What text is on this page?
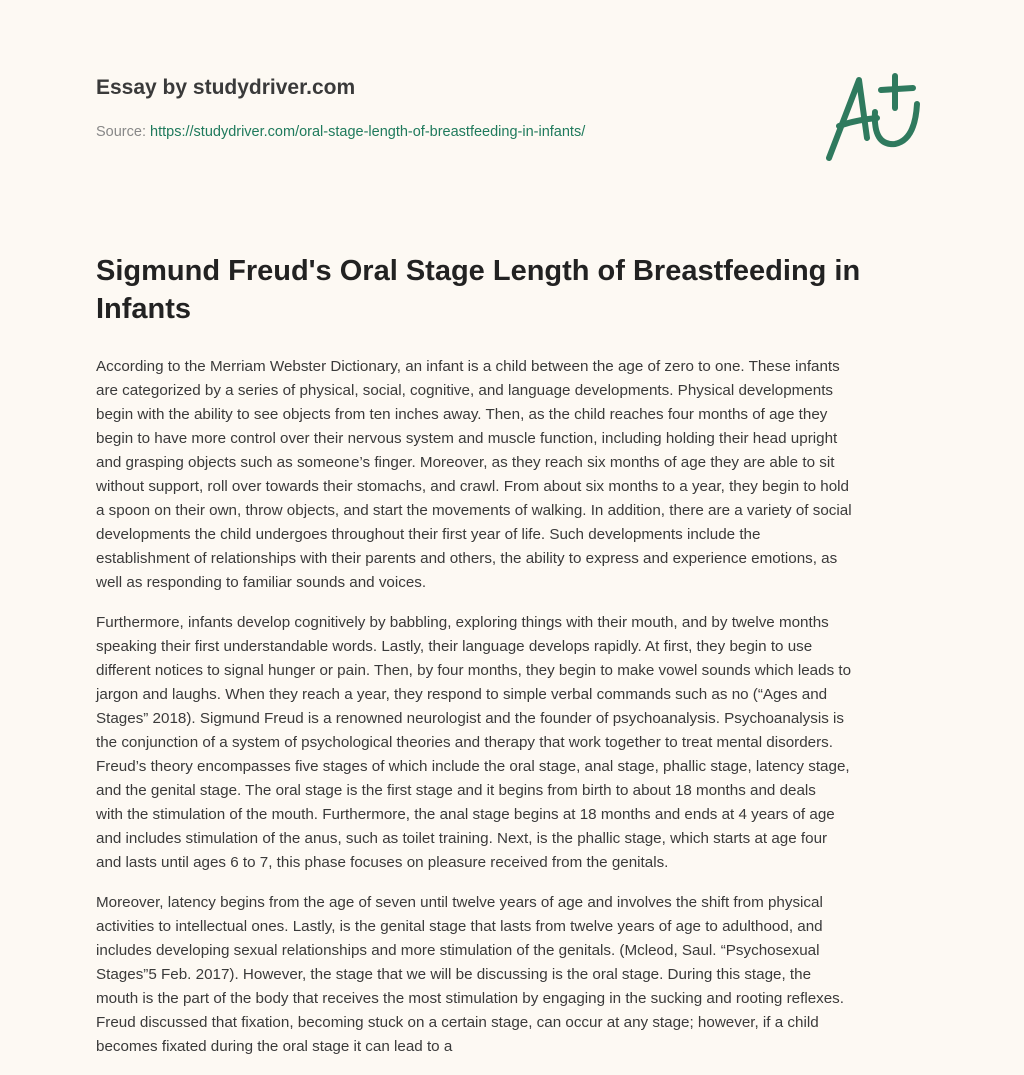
Essay by studydriver.com
Source: https://studydriver.com/oral-stage-length-of-breastfeeding-in-infants/
Sigmund Freud's Oral Stage Length of Breastfeeding in Infants

According to the Merriam Webster Dictionary, an infant is a child between the age of zero to one. These infants
are categorized by a series of physical, social, cognitive, and language developments. Physical developments
begin with the ability to see objects from ten inches away. Then, as the child reaches four months of age they
begin to have more control over their nervous system and muscle function, including holding their head upright
and grasping objects such as someone’s finger. Moreover, as they reach six months of age they are able to sit
without support, roll over towards their stomachs, and crawl. From about six months to a year, they begin to hold
a spoon on their own, throw objects, and start the movements of walking. In addition, there are a variety of social
developments the child undergoes throughout their first year of life. Such developments include the
establishment of relationships with their parents and others, the ability to express and experience emotions, as
well as responding to familiar sounds and voices.

Furthermore, infants develop cognitively by babbling, exploring things with their mouth, and by twelve months
speaking their first understandable words. Lastly, their language develops rapidly. At first, they begin to use
different notices to signal hunger or pain. Then, by four months, they begin to make vowel sounds which leads to
jargon and laughs. When they reach a year, they respond to simple verbal commands such as no (“Ages and
Stages” 2018). Sigmund Freud is a renowned neurologist and the founder of psychoanalysis. Psychoanalysis is
the conjunction of a system of psychological theories and therapy that work together to treat mental disorders.
Freud’s theory encompasses five stages of which include the oral stage, anal stage, phallic stage, latency stage,
and the genital stage. The oral stage is the first stage and it begins from birth to about 18 months and deals
with the stimulation of the mouth. Furthermore, the anal stage begins at 18 months and ends at 4 years of age
and includes stimulation of the anus, such as toilet training. Next, is the phallic stage, which starts at age four
and lasts until ages 6 to 7, this phase focuses on pleasure received from the genitals.

Moreover, latency begins from the age of seven until twelve years of age and involves the shift from physical
activities to intellectual ones. Lastly, is the genital stage that lasts from twelve years of age to adulthood, and
includes developing sexual relationships and more stimulation of the genitals. (Mcleod, Saul. “Psychosexual
Stages”5 Feb. 2017). However, the stage that we will be discussing is the oral stage. During this stage, the
mouth is the part of the body that receives the most stimulation by engaging in the sucking and rooting reflexes.
Freud discussed that fixation, becoming stuck on a certain stage, can occur at any stage; however, if a child
becomes fixated during the oral stage it can lead to a
